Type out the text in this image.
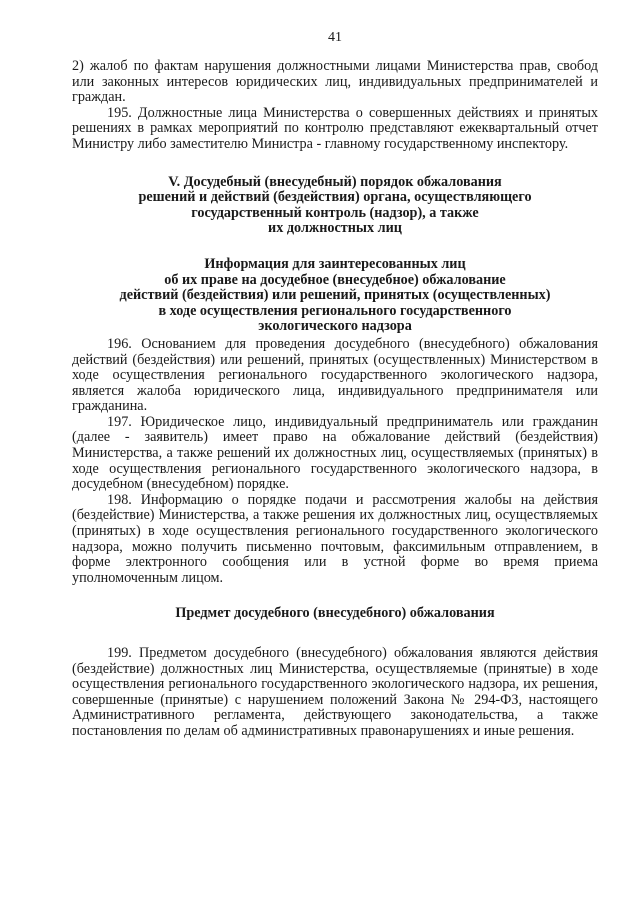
41

2) жалоб по фактам нарушения должностными лицами Министерства прав, свобод или законных интересов юридических лиц, индивидуальных предпринимателей и граждан.

195. Должностные лица Министерства о совершенных действиях и принятых решениях в рамках мероприятий по контролю представляют ежеквартальный отчет Министру либо заместителю Министра - главному государственному инспектору.

V. Досудебный (внесудебный) порядок обжалования
решений и действий (бездействия) органа, осуществляющего
государственный контроль (надзор), а также
их должностных лиц
Информация для заинтересованных лиц
об их праве на досудебное (внесудебное) обжалование
действий (бездействия) или решений, принятых (осуществленных)
в ходе осуществления регионального государственного
экологического надзора

196. Основанием для проведения досудебного (внесудебного) обжалования действий (бездействия) или решений, принятых (осуществленных) Министерством в ходе осуществления регионального государственного экологического надзора, является жалоба юридического лица, индивидуального предпринимателя или гражданина.

197. Юридическое лицо, индивидуальный предприниматель или гражданин (далее - заявитель) имеет право на обжалование действий (бездействия) Министерства, а также решений их должностных лиц, осуществляемых (принятых) в ходе осуществления регионального государственного экологического надзора, в досудебном (внесудебном) порядке.

198. Информацию о порядке подачи и рассмотрения жалобы на действия (бездействие) Министерства, а также решения их должностных лиц, осуществляемых (принятых) в ходе осуществления регионального государственного экологического надзора, можно получить письменно почтовым, факсимильным отправлением, в форме электронного сообщения или в устной форме во время приема уполномоченным лицом.

Предмет досудебного (внесудебного) обжалования

199. Предметом досудебного (внесудебного) обжалования являются действия (бездействие) должностных лиц Министерства, осуществляемые (принятые) в ходе осуществления регионального государственного экологического надзора, их решения, совершенные (принятые) с нарушением положений Закона № 294-ФЗ, настоящего Административного регламента, действующего законодательства, а также постановления по делам об административных правонарушениях и иные решения.
